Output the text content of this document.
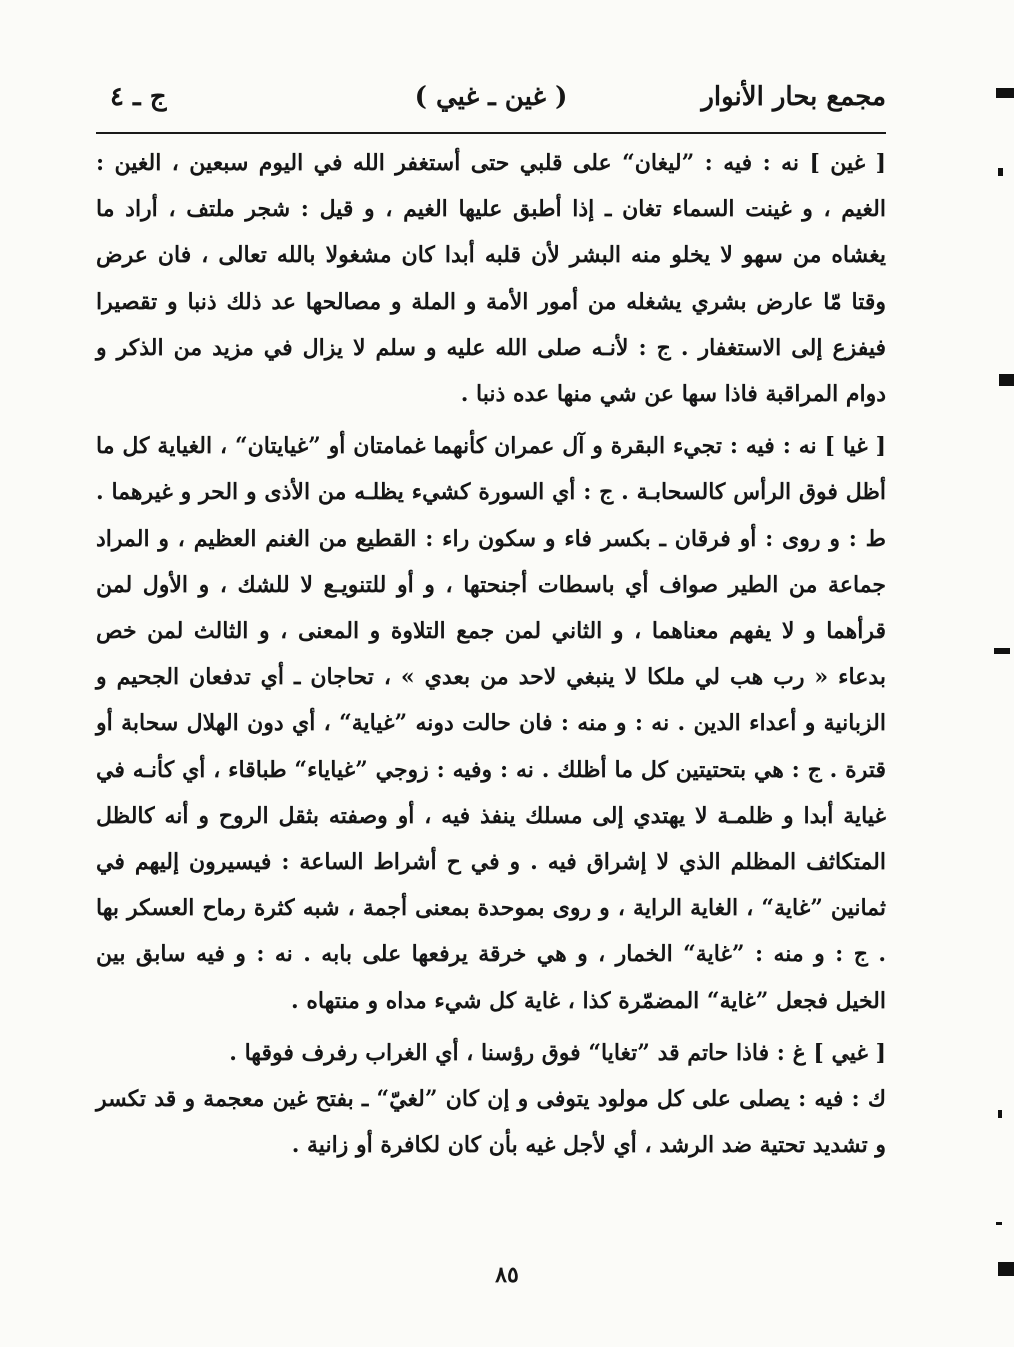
مجمع بحار الأنوار
( غين ـ غيي )
ج ـ ٤

[ غين ] نه : فيه : ”ليغان“ على قلبي حتى أستغفر الله في اليوم سبعين ، الغين : الغيم ، و غينت السماء تغان ـ إذا أطبق عليها الغيم ، و قيل : شجر ملتف ، أراد ما يغشاه من سهو لا يخلو منه البشر لأن قلبه أبدا كان مشغولا بالله تعالى ، فان عرض وقتا مّا عارض بشري يشغله من أمور الأمة و الملة و مصالحها عد ذلك ذنبا و تقصيرا فيفزع إلى الاستغفار . ج : لأنـه صلى الله عليه و سلم لا يزال في مزيد من الذكر و دوام المراقبة فاذا سها عن شي منها عده ذنبا .

[ غيا ] نه : فيه : تجيء البقرة و آل عمران كأنهما غمامتان أو ”غيايتان“ ، الغياية كل ما أظل فوق الرأس كالسحابـة . ج : أي السورة كشيء يظلـه من الأذى و الحر و غيرهما . ط : و روى : أو فرقان ـ بكسر فاء و سكون راء : القطيع من الغنم العظيم ، و المراد جماعة من الطير صواف أي باسطات أجنحتها ، و أو للتنويـع لا للشك ، و الأول لمن قرأهما و لا يفهم معناهما ، و الثاني لمن جمع التلاوة و المعنى ، و الثالث لمن خص بدعاء « رب هب لي ملكا لا ينبغي لاحد من بعدي » ، تحاجان ـ أي تدفعان الجحيم و الزبانية و أعداء الدين . نه : و منه : فان حالت دونه ”غياية“ ، أي دون الهلال سحابة أو قترة . ج : هي بتحتيتين كل ما أظلك . نه : وفيه : زوجي ”غياياء“ طباقاء ، أي كأنـه في غياية أبدا و ظلمـة لا يهتدي إلى مسلك ينفذ فيه ، أو وصفته بثقل الروح و أنه كالظل المتكاثف المظلم الذي لا إشراق فيه . و في ح أشراط الساعة : فيسيرون إليهم في ثمانين ”غاية“ ، الغاية الراية ، و روى بموحدة بمعنى أجمة ، شبه كثرة رماح العسكر بها . ج : و منه : ”غاية“ الخمار ، و هي خرقة يرفعها على بابه . نه : و فيه سابق بين الخيل فجعل ”غاية“ المضمّرة كذا ، غاية كل شيء مداه و منتهاه .

[ غيي ] غ : فاذا حاتم قد ”تغايا“ فوق رؤسنا ، أي الغراب رفرف فوقها .

ك : فيه : يصلى على كل مولود يتوفى و إن كان ”لغيّ“ ـ بفتح غين معجمة و قد تكسر و تشديد تحتية ضد الرشد ، أي لأجل غيه بأن كان لكافرة أو زانية .

٨٥
